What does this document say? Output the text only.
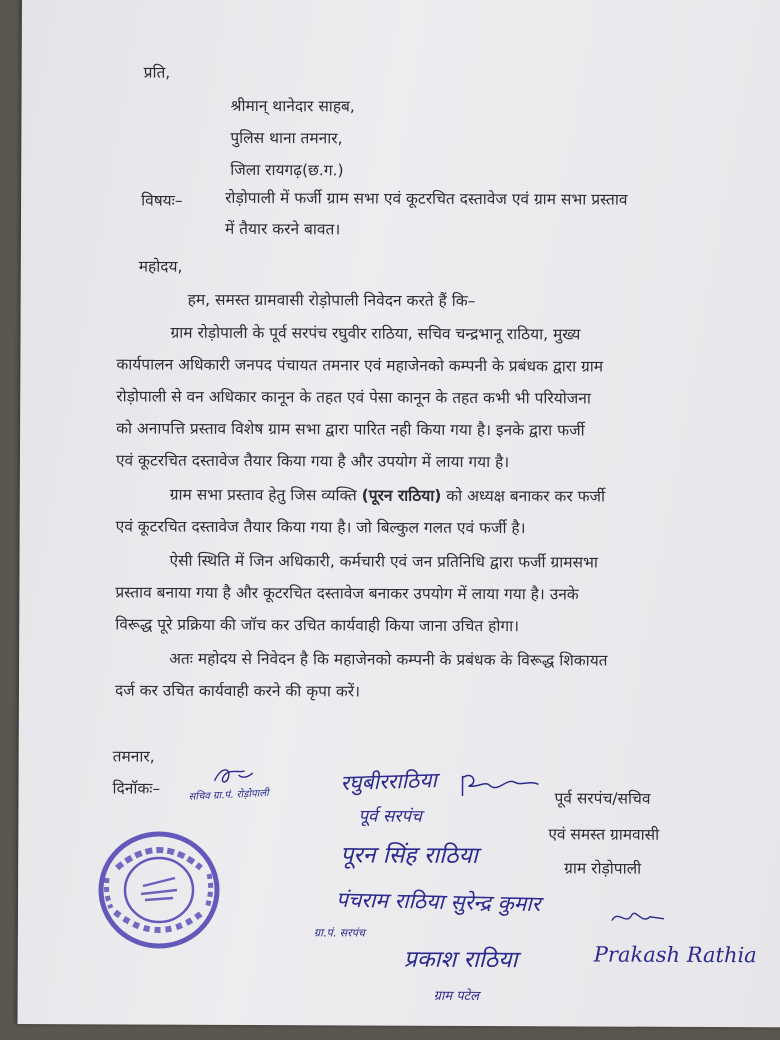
प्रति,
श्रीमान् थानेदार साहब,
पुलिस थाना तमनार,
जिला रायगढ़(छ.ग.)
विषयः–	रोड़ोपाली में फर्जी ग्राम सभा एवं कूटरचित दस्तावेज एवं ग्राम सभा प्रस्ताव
में तैयार करने बावत।
महोदय,
हम, समस्त ग्रामवासी रोड़ोपाली निवेदन करते हैं कि–
ग्राम रोड़ोपाली के पूर्व सरपंच रघुवीर राठिया, सचिव चन्द्रभानू राठिया, मुख्य
कार्यपालन अधिकारी जनपद पंचायत तमनार एवं महाजेनको कम्पनी के प्रबंधक द्वारा ग्राम
रोड़ोपाली से वन अधिकार कानून के तहत एवं पेसा कानून के तहत कभी भी परियोजना
को अनापत्ति प्रस्ताव विशेष ग्राम सभा द्वारा पारित नही किया गया है। इनके द्वारा फर्जी
एवं कूटरचित दस्तावेज तैयार किया गया है और उपयोग में लाया गया है।
ग्राम सभा प्रस्ताव हेतु जिस व्यक्ति (पूरन राठिया) को अध्यक्ष बनाकर कर फर्जी
एवं कूटरचित दस्तावेज तैयार किया गया है। जो बिल्कुल गलत एवं फर्जी है।
ऐसी स्थिति में जिन अधिकारी, कर्मचारी एवं जन प्रतिनिधि द्वारा फर्जी ग्रामसभा
प्रस्ताव बनाया गया है और कूटरचित दस्तावेज बनाकर उपयोग में लाया गया है। उनके
विरूद्ध पूरे प्रक्रिया की जॉच कर उचित कार्यवाही किया जाना उचित होगा।
अतः महोदय से निवेदन है कि महाजेनको कम्पनी के प्रबंधक के विरूद्ध शिकायत
दर्ज कर उचित कार्यवाही करने की कृपा करें।
तमनार,
दिनॉकः–
पूर्व सरपंच/सचिव
एवं समस्त ग्रामवासी
ग्राम रोड़ोपाली
सचिव ग्रा.पं. रोड़ोपाली
रघुबीरराठिया
पूर्व सरपंच
पूरन सिंह राठिया
पंचराम राठिया सुरेन्द्र कुमार
ग्रा.पं. सरपंच
प्रकाश राठिया	Prakash Rathia
ग्राम पटेल
